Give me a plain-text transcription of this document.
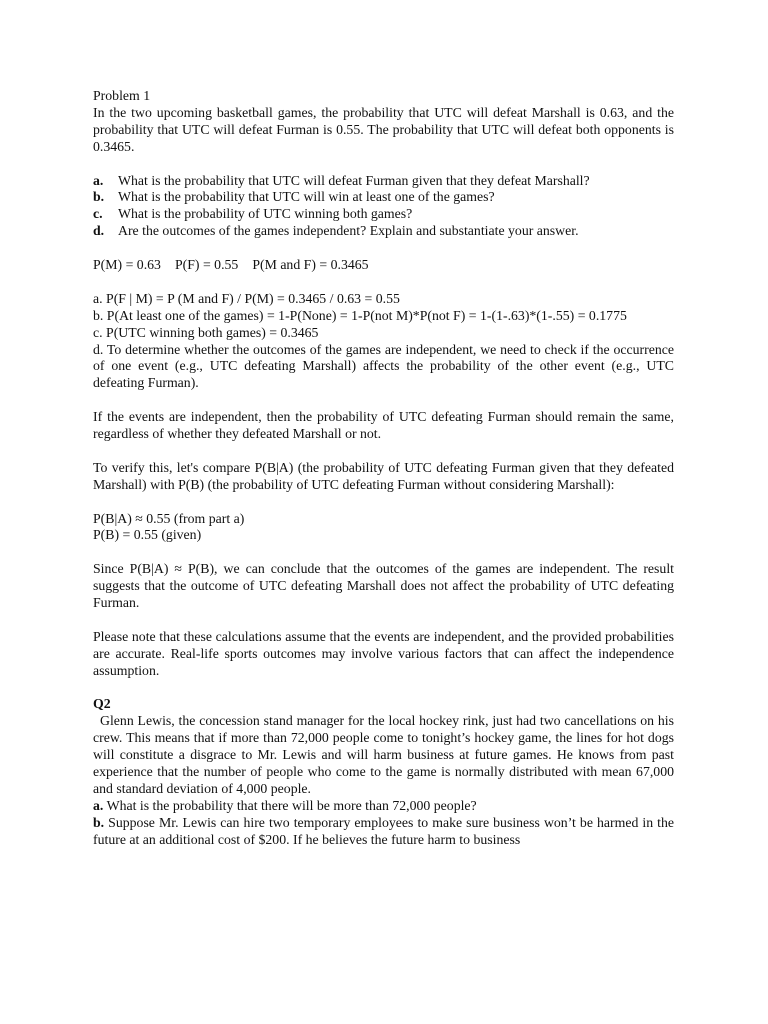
Problem 1

In the two upcoming basketball games, the probability that UTC will defeat Marshall is 0.63, and the probability that UTC will defeat Furman is 0.55. The probability that UTC will defeat both opponents is 0.3465.

a.	What is the probability that UTC will defeat Furman given that they defeat Marshall?
b.	What is the probability that UTC will win at least one of the games?
c.	What is the probability of UTC winning both games?
d.	Are the outcomes of the games independent? Explain and substantiate your answer.

P(M) = 0.63 P(F) = 0.55 P(M and F) = 0.3465

a. P(F | M) = P (M and F) / P(M) = 0.3465 / 0.63 = 0.55

b. P(At least one of the games) = 1-P(None) = 1-P(not M)*P(not F) = 1-(1-.63)*(1-.55) = 0.1775

c. P(UTC winning both games) = 0.3465

d. To determine whether the outcomes of the games are independent, we need to check if the occurrence of one event (e.g., UTC defeating Marshall) affects the probability of the other event (e.g., UTC defeating Furman).

If the events are independent, then the probability of UTC defeating Furman should remain the same, regardless of whether they defeated Marshall or not.

To verify this, let's compare P(B|A) (the probability of UTC defeating Furman given that they defeated Marshall) with P(B) (the probability of UTC defeating Furman without considering Marshall):

P(B|A) ≈ 0.55 (from part a)

P(B) = 0.55 (given)

Since P(B|A) ≈ P(B), we can conclude that the outcomes of the games are independent. The result suggests that the outcome of UTC defeating Marshall does not affect the probability of UTC defeating Furman.

Please note that these calculations assume that the events are independent, and the provided probabilities are accurate. Real-life sports outcomes may involve various factors that can affect the independence assumption.

Q2

Glenn Lewis, the concession stand manager for the local hockey rink, just had two cancellations on his crew. This means that if more than 72,000 people come to tonight’s hockey game, the lines for hot dogs will constitute a disgrace to Mr. Lewis and will harm business at future games. He knows from past experience that the number of people who come to the game is normally distributed with mean 67,000 and standard deviation of 4,000 people.

a. What is the probability that there will be more than 72,000 people?

b. Suppose Mr. Lewis can hire two temporary employees to make sure business won’t be harmed in the future at an additional cost of $200. If he believes the future harm to business
